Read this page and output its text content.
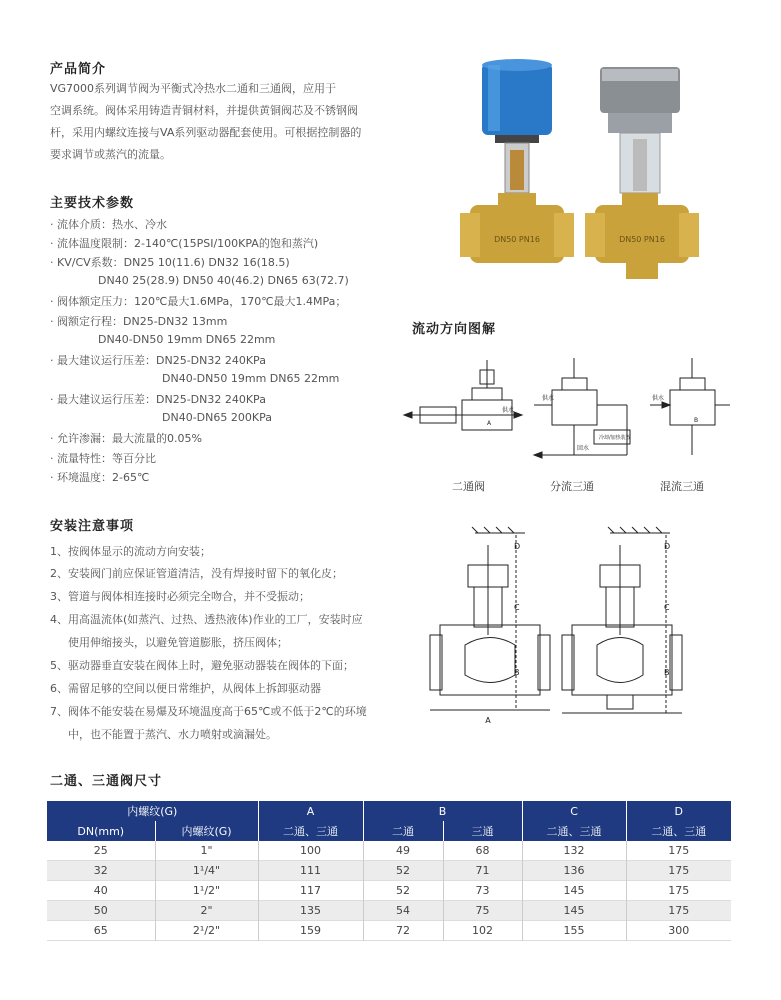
产品简介
VG7000系列调节阀为平衡式冷热水二通和三通阀，应用于
空调系统。阀体采用铸造青铜材料，并提供黄铜阀芯及不锈钢阀
杆，采用内螺纹连接与VA系列驱动器配套使用。可根据控制器的
要求调节或蒸汽的流量。
主要技术参数
· 流体介质：热水、冷水
· 流体温度限制：2-140℃(15PSI/100KPA的饱和蒸汽)
· KV/CV系数：DN25 10(11.6) DN32 16(18.5)
DN40 25(28.9) DN50 40(46.2) DN65 63(72.7)
· 阀体额定压力：120℃最大1.6MPa，170℃最大1.4MPa；
· 阀额定行程：DN25-DN32 13mm
DN40-DN50 19mm DN65 22mm
· 最大建议运行压差：DN25-DN32 240KPa
DN40-DN50 19mm DN65 22mm
· 最大建议运行压差：DN25-DN32 240KPa
DN40-DN65 200KPa
· 允许渗漏：最大流量的0.05%
· 流量特性：等百分比
· 环境温度：2-65℃
安装注意事项
1、按阀体显示的流动方向安装；
2、安装阀门前应保证管道清洁，没有焊接时留下的氧化皮；
3、管道与阀体相连接时必须完全吻合，并不受振动；
4、用高温流体(如蒸汽、过热、透热液体)作业的工厂，安装时应
使用伸缩接头，以避免管道膨胀，挤压阀体；
5、驱动器垂直安装在阀体上时，避免驱动器装在阀体的下面；
6、需留足够的空间以便日常维护，从阀体上拆卸驱动器
7、阀体不能安装在易爆及环境温度高于65℃或不低于2℃的环境
中，也不能置于蒸汽、水力喷射或滴漏处。
DN50 PN16	DN50 PN16
流动方向图解
A
供水
供水
冷却/加热装置
回水
供水
B
二通阀	分流三通	混流三通
A
C
B
D
C
B
D
二通、三通阀尺寸
内螺纹(G)		A	B		C	D
DN(mm)	内螺纹(G)	二通、三通	二通	三通	二通、三通	二通、三通
25	1"	100	49	68	132	175
32	1¹/4"	111	52	71	136	175
40	1¹/2"	117	52	73	145	175
50	2"	135	54	75	145	175
65	2¹/2"	159	72	102	155	300
